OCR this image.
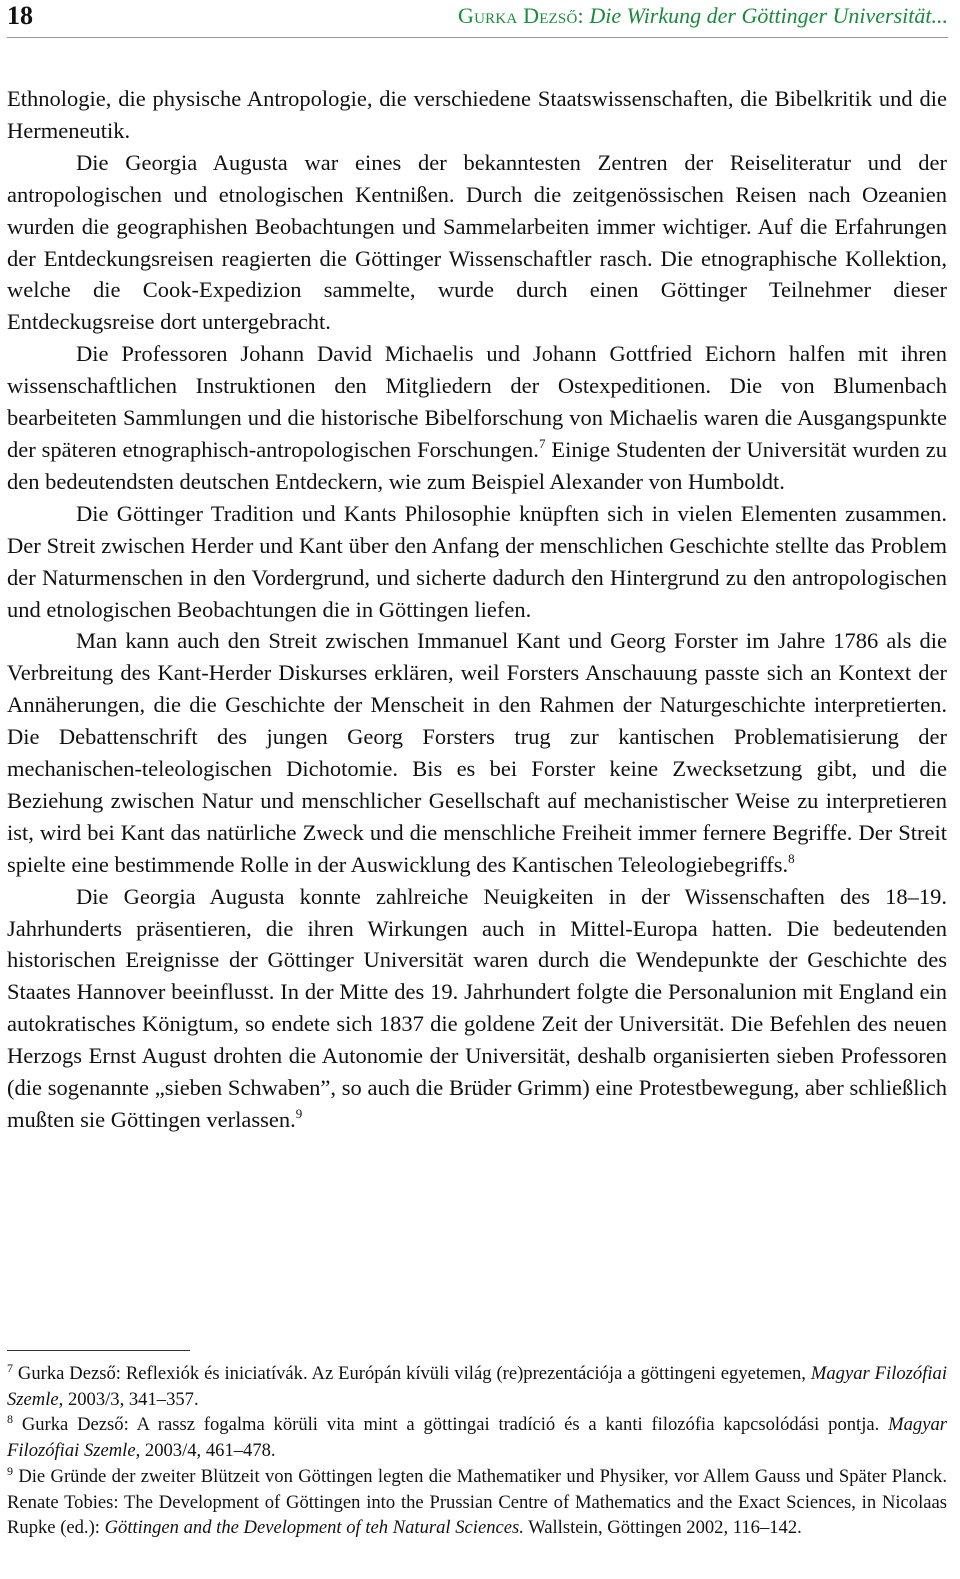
18	Gurka Dezső: Die Wirkung der Göttinger Universität...

Ethnologie, die physische Antropologie, die verschiedene Staatswissenschaften, die Bibelkritik und die Hermeneutik.

Die Georgia Augusta war eines der bekanntesten Zentren der Reiseliteratur und der antropologischen und etnologischen Kentnißen. Durch die zeitgenössischen Reisen nach Ozeanien wurden die geographishen Beobachtungen und Sammelarbeiten immer wichtiger. Auf die Erfahrungen der Entdeckungsreisen reagierten die Göttinger Wissenschaftler rasch. Die etnographische Kollektion, welche die Cook-Expedizion sammelte, wurde durch einen Göttinger Teilnehmer dieser Entdeckugsreise dort untergebracht.

Die Professoren Johann David Michaelis und Johann Gottfried Eichorn halfen mit ihren wissenschaftlichen Instruktionen den Mitgliedern der Ostexpeditionen. Die von Blumenbach bearbeiteten Sammlungen und die historische Bibelforschung von Michaelis waren die Ausgangspunkte der späteren etnographisch-antropologischen Forschungen.$^7$ Einige Studenten der Universität wurden zu den bedeutendsten deutschen Entdeckern, wie zum Beispiel Alexander von Humboldt.

Die Göttinger Tradition und Kants Philosophie knüpften sich in vielen Elementen zusammen. Der Streit zwischen Herder und Kant über den Anfang der menschlichen Geschichte stellte das Problem der Naturmenschen in den Vordergrund, und sicherte dadurch den Hintergrund zu den antropologischen und etnologischen Beobachtungen die in Göttingen liefen.

Man kann auch den Streit zwischen Immanuel Kant und Georg Forster im Jahre 1786 als die Verbreitung des Kant-Herder Diskurses erklären, weil Forsters Anschauung passte sich an Kontext der Annäherungen, die die Geschichte der Menscheit in den Rahmen der Naturgeschichte interpretierten. Die Debattenschrift des jungen Georg Forsters trug zur kantischen Problematisierung der mechanischen-teleologischen Dichotomie. Bis es bei Forster keine Zwecksetzung gibt, und die Beziehung zwischen Natur und menschlicher Gesellschaft auf mechanistischer Weise zu interpretieren ist, wird bei Kant das natürliche Zweck und die menschliche Freiheit immer fernere Begriffe. Der Streit spielte eine bestimmende Rolle in der Auswicklung des Kantischen Teleologiebegriffs.$^8$

Die Georgia Augusta konnte zahlreiche Neuigkeiten in der Wissenschaften des 18–19. Jahrhunderts präsentieren, die ihren Wirkungen auch in Mittel-Europa hatten. Die bedeutenden historischen Ereignisse der Göttinger Universität waren durch die Wendepunkte der Geschichte des Staates Hannover beeinflusst. In der Mitte des 19. Jahrhundert folgte die Personalunion mit England ein autokratisches Königtum, so endete sich 1837 die goldene Zeit der Universität. Die Befehlen des neuen Herzogs Ernst August drohten die Autonomie der Universität, deshalb organisierten sieben Professoren (die sogenannte „sieben Schwaben”, so auch die Brüder Grimm) eine Protestbewegung, aber schließlich mußten sie Göttingen verlassen.$^9$

$^7$ Gurka Dezső: Reflexiók és iniciatívák. Az Európán kívüli világ (re)prezentációja a göttingeni egyetemen, Magyar Filozófiai Szemle, 2003/3, 341–357.

$^8$ Gurka Dezső: A rassz fogalma körüli vita mint a göttingai tradíció és a kanti filozófia kapcsolódási pontja. Magyar Filozófiai Szemle, 2003/4, 461–478.

$^9$ Die Gründe der zweiter Blützeit von Göttingen legten die Mathematiker und Physiker, vor Allem Gauss und Später Planck. Renate Tobies: The Development of Göttingen into the Prussian Centre of Mathematics and the Exact Sciences, in Nicolaas Rupke (ed.): Göttingen and the Development of teh Natural Sciences. Wallstein, Göttingen 2002, 116–142.
